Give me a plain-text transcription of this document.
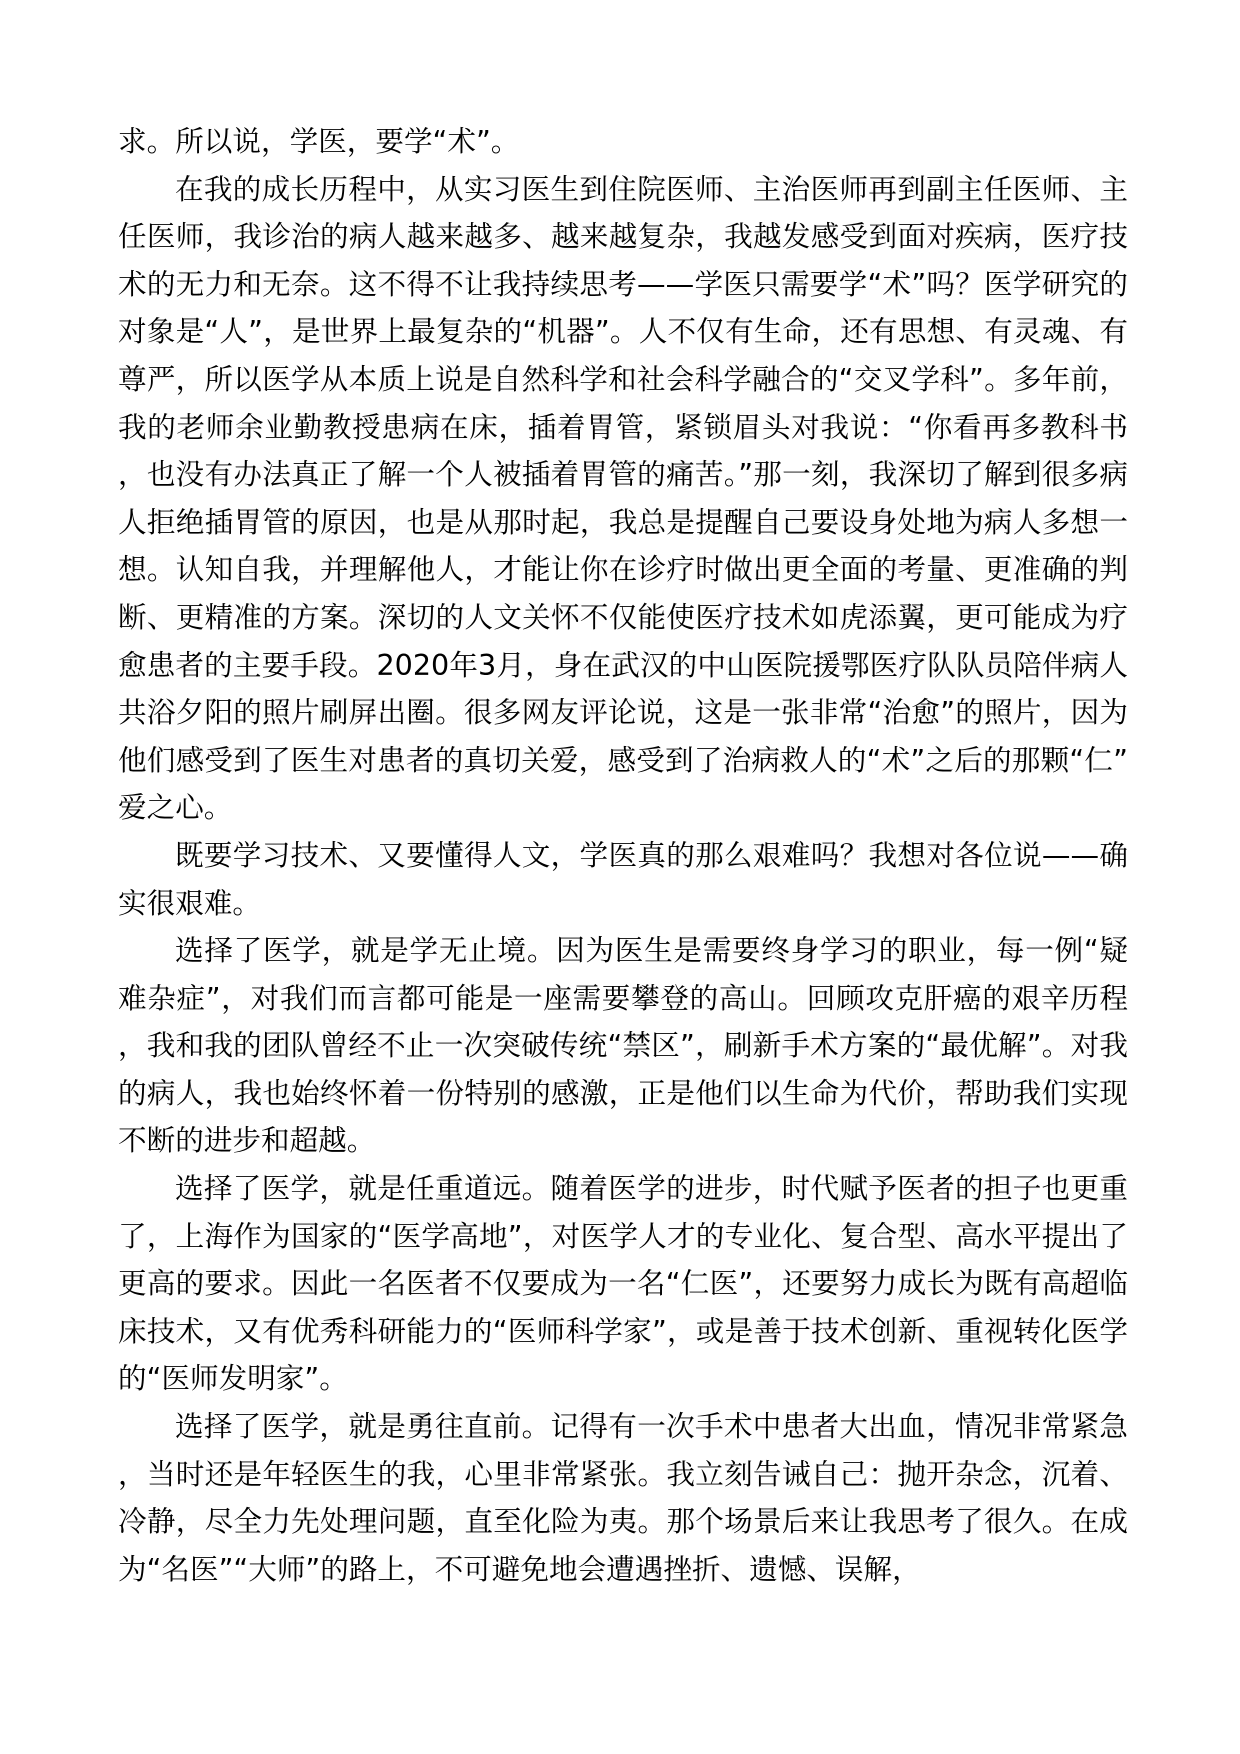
求。所以说，学医，要学“术”。

在我的成长历程中，从实习医生到住院医师、主治医师再到副主任医师、主任医师，我诊治的病人越来越多、越来越复杂，我越发感受到面对疾病，医疗技术的无力和无奈。这不得不让我持续思考——学医只需要学“术”吗？医学研究的对象是“人”，是世界上最复杂的“机器”。人不仅有生命，还有思想、有灵魂、有尊严，所以医学从本质上说是自然科学和社会科学融合的“交叉学科”。多年前，我的老师余业勤教授患病在床，插着胃管，紧锁眉头对我说：“你看再多教科书，也没有办法真正了解一个人被插着胃管的痛苦。”那一刻，我深切了解到很多病人拒绝插胃管的原因，也是从那时起，我总是提醒自己要设身处地为病人多想一想。认知自我，并理解他人，才能让你在诊疗时做出更全面的考量、更准确的判断、更精准的方案。深切的人文关怀不仅能使医疗技术如虎添翼，更可能成为疗愈患者的主要手段。2020年3月，身在武汉的中山医院援鄂医疗队队员陪伴病人共浴夕阳的照片刷屏出圈。很多网友评论说，这是一张非常“治愈”的照片，因为他们感受到了医生对患者的真切关爱，感受到了治病救人的“术”之后的那颗“仁”爱之心。

既要学习技术、又要懂得人文，学医真的那么艰难吗？我想对各位说——确实很艰难。

选择了医学，就是学无止境。因为医生是需要终身学习的职业，每一例“疑难杂症”，对我们而言都可能是一座需要攀登的高山。回顾攻克肝癌的艰辛历程，我和我的团队曾经不止一次突破传统“禁区”，刷新手术方案的“最优解”。对我的病人，我也始终怀着一份特别的感激，正是他们以生命为代价，帮助我们实现不断的进步和超越。

选择了医学，就是任重道远。随着医学的进步，时代赋予医者的担子也更重了，上海作为国家的“医学高地”，对医学人才的专业化、复合型、高水平提出了更高的要求。因此一名医者不仅要成为一名“仁医”，还要努力成长为既有高超临床技术，又有优秀科研能力的“医师科学家”，或是善于技术创新、重视转化医学的“医师发明家”。

选择了医学，就是勇往直前。记得有一次手术中患者大出血，情况非常紧急，当时还是年轻医生的我，心里非常紧张。我立刻告诫自己：抛开杂念，沉着、冷静，尽全力先处理问题，直至化险为夷。那个场景后来让我思考了很久。在成为“名医”“大师”的路上，不可避免地会遭遇挫折、遗憾、误解，
